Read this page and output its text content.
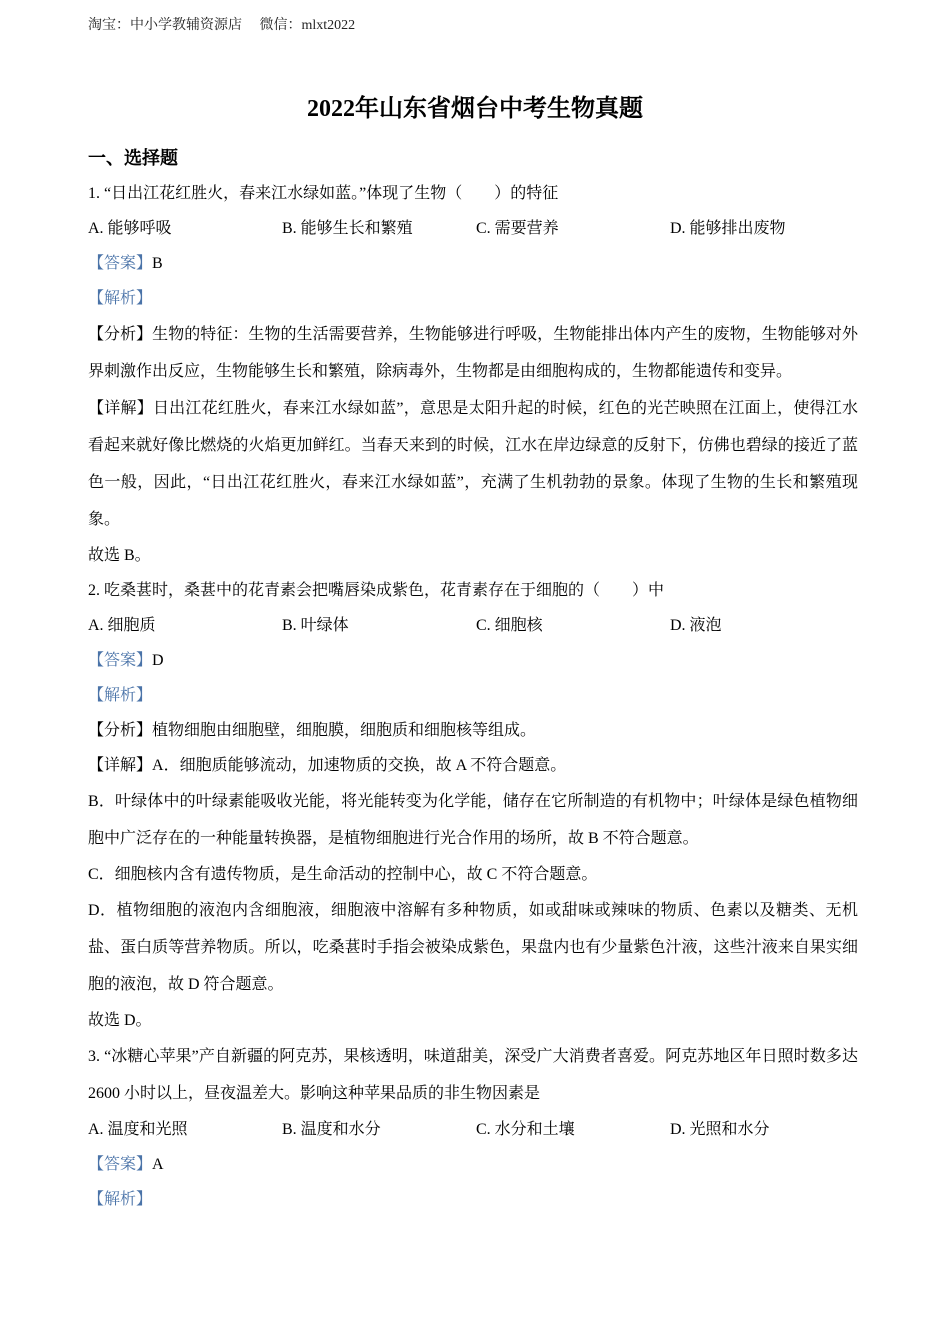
淘宝：中小学教辅资源店 微信：mlxt2022
2022年山东省烟台中考生物真题

一、选择题

1. “日出江花红胜火，春来江水绿如蓝。”体现了生物（　　）的特征

A. 能够呼吸	B. 能够生长和繁殖	C. 需要营养	D. 能够排出废物

【答案】B

【解析】

【分析】生物的特征：生物的生活需要营养，生物能够进行呼吸，生物能排出体内产生的废物，生物能够对外界刺激作出反应，生物能够生长和繁殖，除病毒外，生物都是由细胞构成的，生物都能遗传和变异。

【详解】日出江花红胜火，春来江水绿如蓝”，意思是太阳升起的时候，红色的光芒映照在江面上，使得江水看起来就好像比燃烧的火焰更加鲜红。当春天来到的时候，江水在岸边绿意的反射下，仿佛也碧绿的接近了蓝色一般，因此，“日出江花红胜火，春来江水绿如蓝”，充满了生机勃勃的景象。体现了生物的生长和繁殖现象。

故选 B。

2. 吃桑葚时，桑葚中的花青素会把嘴唇染成紫色，花青素存在于细胞的（　　）中

A. 细胞质	B. 叶绿体	C. 细胞核	D. 液泡

【答案】D

【解析】

【分析】植物细胞由细胞壁，细胞膜，细胞质和细胞核等组成。

【详解】A．细胞质能够流动，加速物质的交换，故 A 不符合题意。

B．叶绿体中的叶绿素能吸收光能，将光能转变为化学能，储存在它所制造的有机物中；叶绿体是绿色植物细胞中广泛存在的一种能量转换器，是植物细胞进行光合作用的场所，故 B 不符合题意。

C．细胞核内含有遗传物质，是生命活动的控制中心，故 C 不符合题意。

D．植物细胞的液泡内含细胞液，细胞液中溶解有多种物质，如或甜味或辣味的物质、色素以及糖类、无机盐、蛋白质等营养物质。所以，吃桑葚时手指会被染成紫色，果盘内也有少量紫色汁液，这些汁液来自果实细胞的液泡，故 D 符合题意。

故选 D。

3. “冰糖心苹果”产自新疆的阿克苏，果核透明，味道甜美，深受广大消费者喜爱。阿克苏地区年日照时数多达 2600 小时以上，昼夜温差大。影响这种苹果品质的非生物因素是

A. 温度和光照	B. 温度和水分	C. 水分和土壤	D. 光照和水分

【答案】A

【解析】
